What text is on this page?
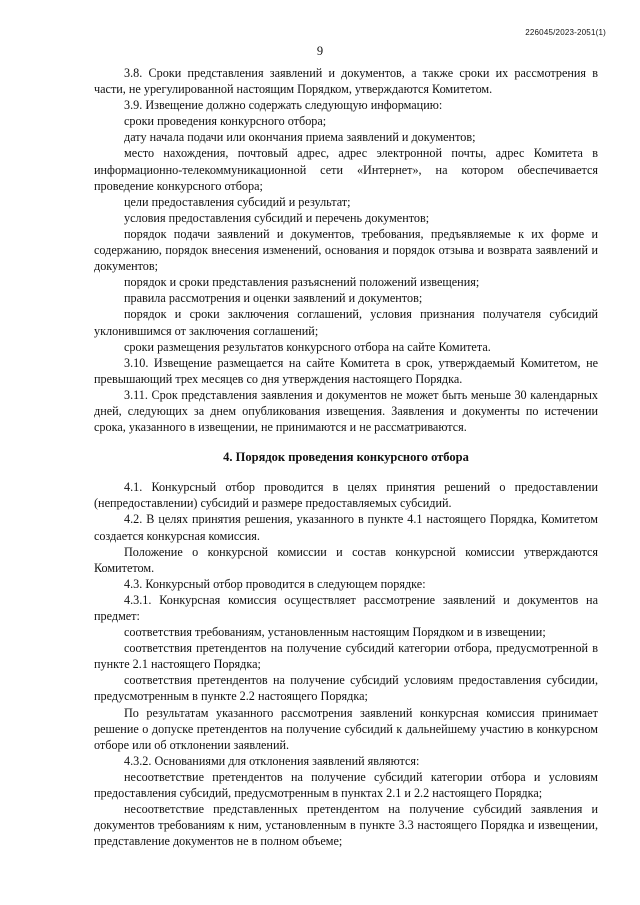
226045/2023-2051(1)
9

3.8. Сроки представления заявлений и документов, а также сроки их рассмотрения в части, не урегулированной настоящим Порядком, утверждаются Комитетом.

3.9. Извещение должно содержать следующую информацию:

сроки проведения конкурсного отбора;

дату начала подачи или окончания приема заявлений и документов;

место нахождения, почтовый адрес, адрес электронной почты, адрес Комитета в информационно-телекоммуникационной сети «Интернет», на котором обеспечивается проведение конкурсного отбора;

цели предоставления субсидий и результат;

условия предоставления субсидий и перечень документов;

порядок подачи заявлений и документов, требования, предъявляемые к их форме и содержанию, порядок внесения изменений, основания и порядок отзыва и возврата заявлений и документов;

порядок и сроки представления разъяснений положений извещения;

правила рассмотрения и оценки заявлений и документов;

порядок и сроки заключения соглашений, условия признания получателя субсидий уклонившимся от заключения соглашений;

сроки размещения результатов конкурсного отбора на сайте Комитета.

3.10. Извещение размещается на сайте Комитета в срок, утверждаемый Комитетом, не превышающий трех месяцев со дня утверждения настоящего Порядка.

3.11. Срок представления заявления и документов не может быть меньше 30 календарных дней, следующих за днем опубликования извещения. Заявления и документы по истечении срока, указанного в извещении, не принимаются и не рассматриваются.

4. Порядок проведения конкурсного отбора

4.1. Конкурсный отбор проводится в целях принятия решений о предоставлении (непредоставлении) субсидий и размере предоставляемых субсидий.

4.2. В целях принятия решения, указанного в пункте 4.1 настоящего Порядка, Комитетом создается конкурсная комиссия.

Положение о конкурсной комиссии и состав конкурсной комиссии утверждаются Комитетом.

4.3. Конкурсный отбор проводится в следующем порядке:

4.3.1. Конкурсная комиссия осуществляет рассмотрение заявлений и документов на предмет:

соответствия требованиям, установленным настоящим Порядком и в извещении;

соответствия претендентов на получение субсидий категории отбора, предусмотренной в пункте 2.1 настоящего Порядка;

соответствия претендентов на получение субсидий условиям предоставления субсидии, предусмотренным в пункте 2.2 настоящего Порядка;

По результатам указанного рассмотрения заявлений конкурсная комиссия принимает решение о допуске претендентов на получение субсидий к дальнейшему участию в конкурсном отборе или об отклонении заявлений.

4.3.2. Основаниями для отклонения заявлений являются:

несоответствие претендентов на получение субсидий категории отбора и условиям предоставления субсидий, предусмотренным в пунктах 2.1 и 2.2 настоящего Порядка;

несоответствие представленных претендентом на получение субсидий заявления и документов требованиям к ним, установленным в пункте 3.3 настоящего Порядка и извещении, представление документов не в полном объеме;
